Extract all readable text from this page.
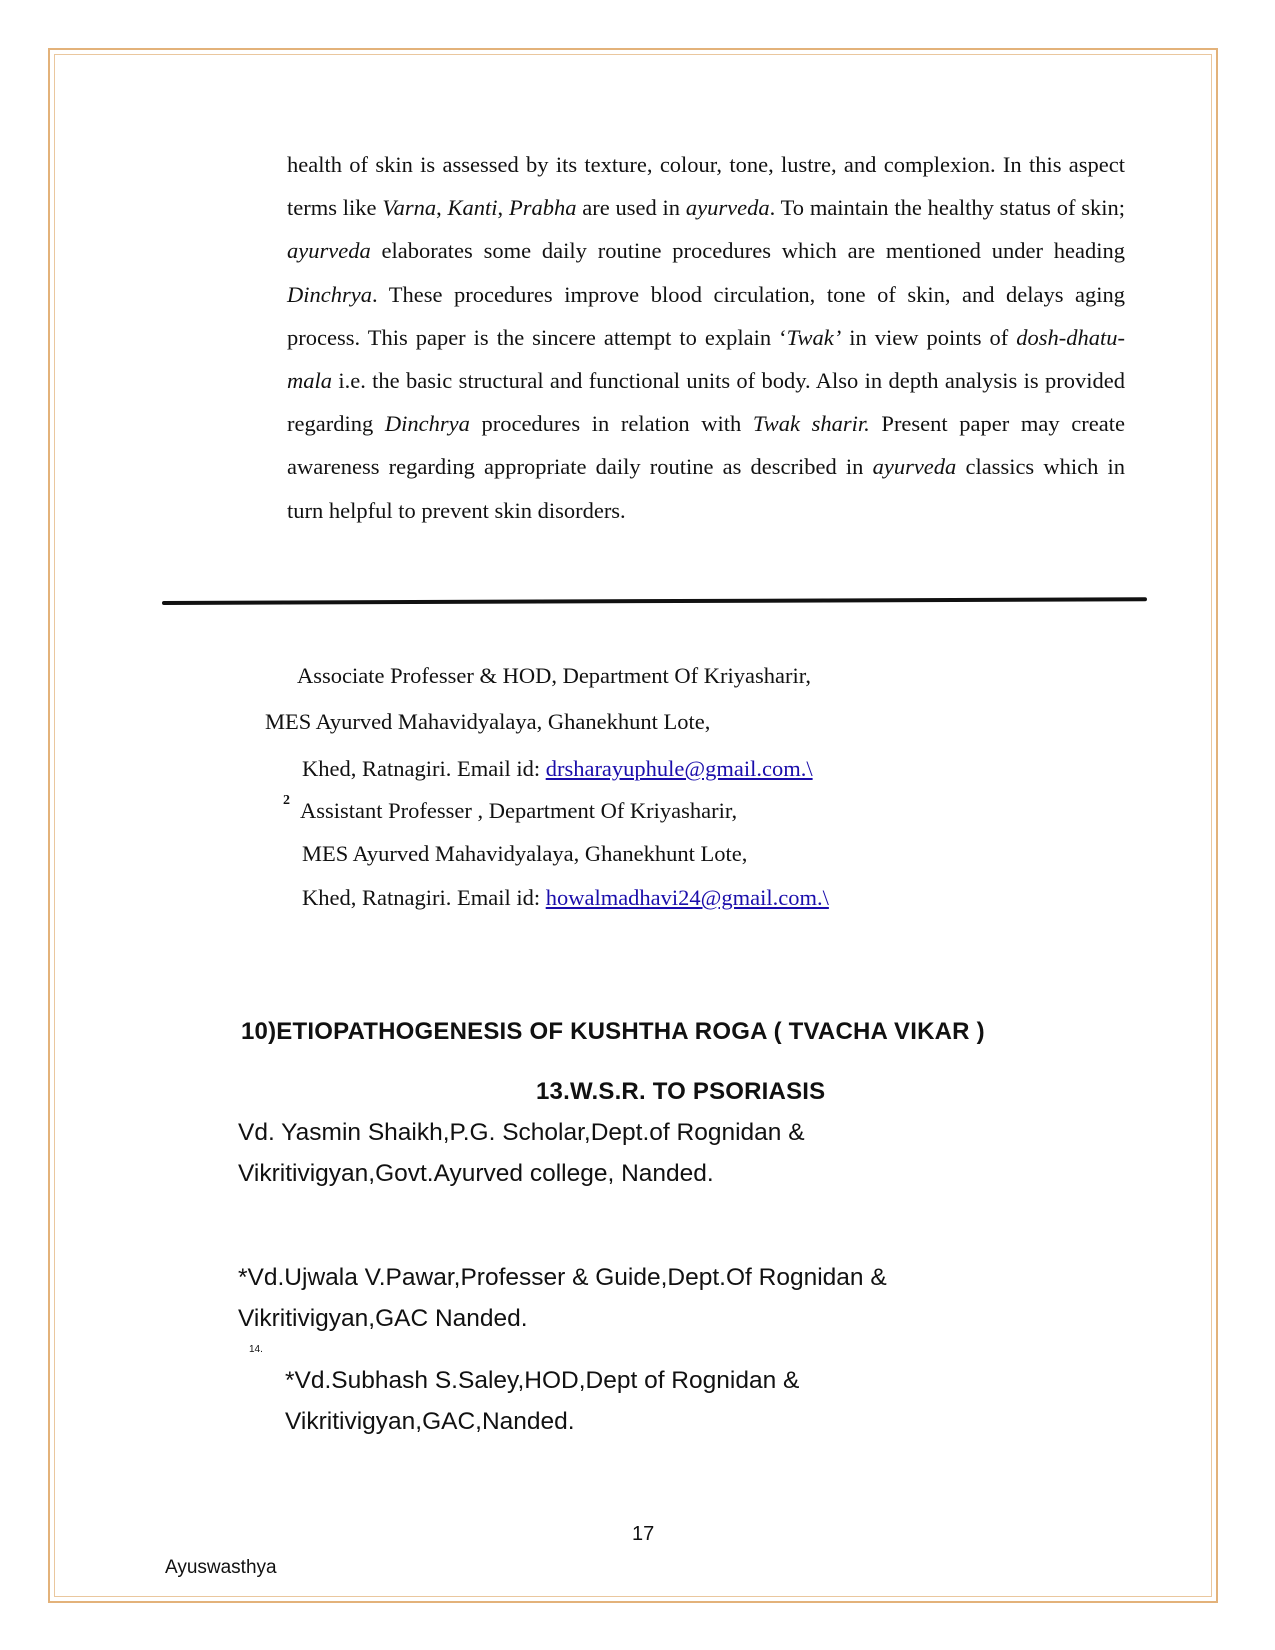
health of skin is assessed by its texture, colour, tone, lustre, and complexion. In this aspect terms like Varna, Kanti, Prabha are used in ayurveda. To maintain the healthy status of skin; ayurveda elaborates some daily routine procedures which are mentioned under heading Dinchrya. These procedures improve blood circulation, tone of skin, and delays aging process. This paper is the sincere attempt to explain ‘Twak’ in view points of dosh-dhatu-mala i.e. the basic structural and functional units of body. Also in depth analysis is provided regarding Dinchrya procedures in relation with Twak sharir. Present paper may create awareness regarding appropriate daily routine as described in ayurveda classics which in turn helpful to prevent skin disorders.

Associate Professer & HOD, Department Of Kriyasharir,
MES Ayurved Mahavidyalaya, Ghanekhunt Lote,
Khed, Ratnagiri. Email id: drsharayuphule@gmail.com.\
2 Assistant Professer , Department Of Kriyasharir,
MES Ayurved Mahavidyalaya, Ghanekhunt Lote,
Khed, Ratnagiri. Email id: howalmadhavi24@gmail.com.\
10)ETIOPATHOGENESIS OF KUSHTHA ROGA ( TVACHA VIKAR )
13.W.S.R. TO PSORIASIS
Vd. Yasmin Shaikh,P.G. Scholar,Dept.of Rognidan &
Vikritivigyan,Govt.Ayurved college, Nanded.
*Vd.Ujwala V.Pawar,Professer & Guide,Dept.Of Rognidan &
Vikritivigyan,GAC Nanded.
14.
*Vd.Subhash S.Saley,HOD,Dept of Rognidan &
Vikritivigyan,GAC,Nanded.
17
Ayuswasthya
